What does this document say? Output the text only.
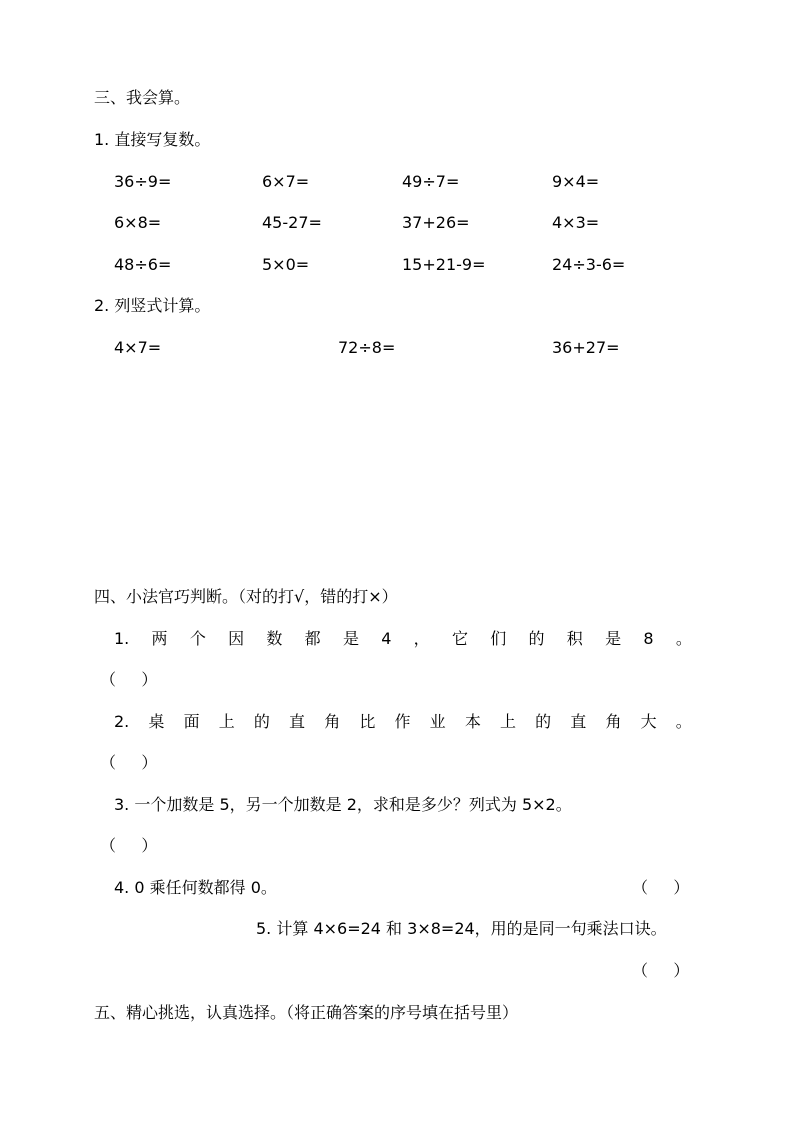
三、我会算。
1. 直接写复数。
36÷9=	6×7=	49÷7=	9×4=
6×8=	45-27=	37+26=	4×3=
48÷6=	5×0=	15+21-9=	24÷3-6=
2. 列竖式计算。
4×7=	72÷8=	36+27=
四、小法官巧判断。（对的打√，错的打×）
1. 两 个 因 数 都 是 4 ， 它 们 的 积 是 8 。
（     ）
2. 桌 面 上 的 直 角 比 作 业 本 上 的 直 角 大 。
（     ）
3. 一个加数是 5，另一个加数是 2，求和是多少？列式为 5×2。
（     ）
4. 0 乘任何数都得 0。	（     ）
5. 计算 4×6=24 和 3×8=24，用的是同一句乘法口诀。
（     ）
五、精心挑选，认真选择。（将正确答案的序号填在括号里）
